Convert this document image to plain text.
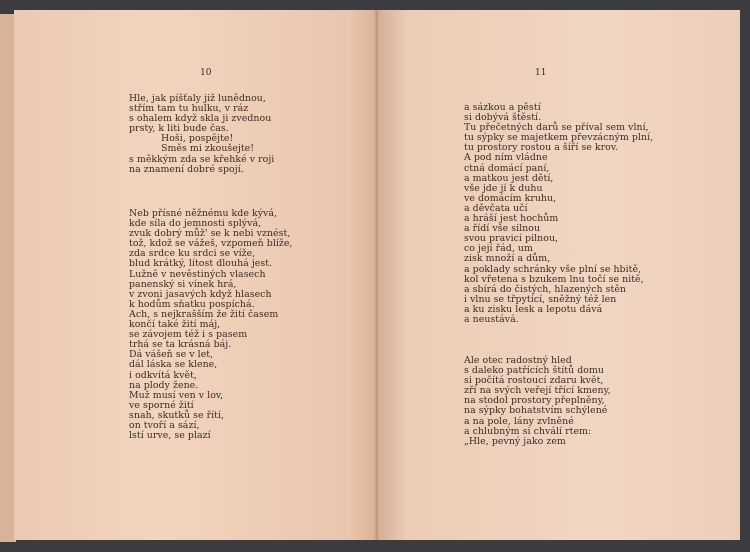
10
Hle, jak píšťaly již lunědnou,
střím tam tu hulku, v ráz
s ohalem když skla ji zvednou
prsty, k liti bude čas.
Hoši, pospějte!
Směs mi zkoušejte!
s měkkým zda se křehké v roji
na znamení dobré spojí.
Neb přísné něžnému kde kývá,
kde síla do jemnosti splývá,
zvuk dobrý můž' se k nebi vznést,
tož, kdož se vážeš, vzpomeň blíže,
zda srdce ku srdci se víže,
blud krátký, lítost dlouhá jest.
Lužně v nevěstiných vlasech
panenský si vínek hrá,
v zvoni jasavých když hlasech
k hodům sňatku pospíchá.
Ach, s nejkrašším že žití časem
končí také žití máj,
se závojem též i s pasem
trhá se ta krásná báj.
Dá vášeň se v let,
dál láska se klene,
i odkvítá květ,
na plody žene.
Muž musí ven v lov,
ve sporné žití
snah, skutků se řítí,
on tvoří a sází,
lstí urve, se plazí
11
a sázkou a pěstí
si dobývá štěstí.
Tu přečetných darů se příval sem vlní,
tu sýpky se majetkem převzácným plní,
tu prostory rostou a šíří se krov.
A pod ním vládne
ctná domácí paní,
a matkou jest dětí,
vše jde jí k duhu
ve domácím kruhu,
a děvčata učí
a hráší jest hochům
a řídí vše silnou
svou pravicí pilnou,
co její řád, um
zisk množí a dům,
a poklady schránky vše plní se hbitě,
kol vřetena s bzukem lnu točí se nitě,
a sbírá do čistých, hlazených stěn
i vlnu se třpytící, sněžný též len
a ku zisku lesk a lepotu dává
a neustává.
Ale otec radostný hled
s daleko patřících štítů domu
si počítá rostoucí zdaru květ,
zří na svých veřejí třící kmeny,
na stodol prostory přeplněny,
na sýpky bohatstvím schýlené
a na pole, lány zvlněné
a chlubným si chválí rtem:
„Hle, pevný jako zem
